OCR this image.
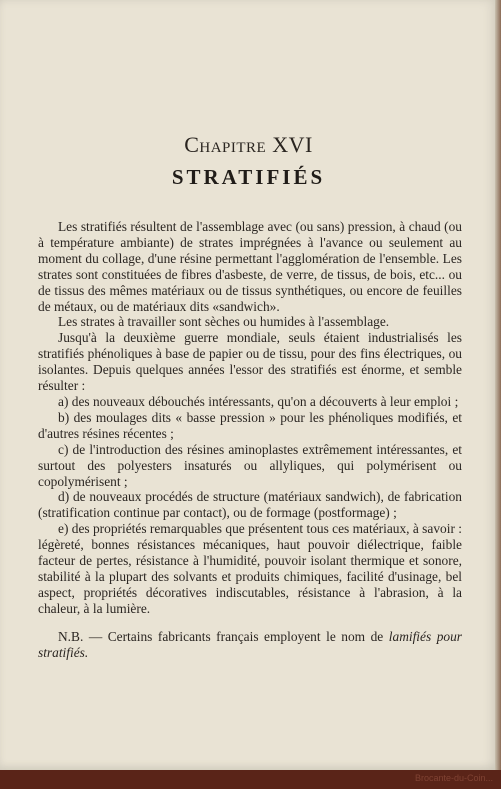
Chapitre XVI
STRATIFIÉS

Les stratifiés résultent de l'assemblage avec (ou sans) pression, à chaud (ou à température ambiante) de strates imprégnées à l'avance ou seulement au moment du collage, d'une résine permettant l'agglomération de l'ensemble. Les strates sont constituées de fibres d'asbeste, de verre, de tissus, de bois, etc... ou de tissus des mêmes matériaux ou de tissus synthétiques, ou encore de feuilles de métaux, ou de matériaux dits «sandwich».

Les strates à travailler sont sèches ou humides à l'assemblage.

Jusqu'à la deuxième guerre mondiale, seuls étaient industrialisés les stratifiés phénoliques à base de papier ou de tissu, pour des fins électriques, ou isolantes. Depuis quelques années l'essor des stratifiés est énorme, et semble résulter :

a) des nouveaux débouchés intéressants, qu'on a découverts à leur emploi ;

b) des moulages dits « basse pression » pour les phénoliques modifiés, et d'autres résines récentes ;

c) de l'introduction des résines aminoplastes extrêmement intéressantes, et surtout des polyesters insaturés ou allyliques, qui polymérisent ou copolymérisent ;

d) de nouveaux procédés de structure (matériaux sandwich), de fabrication (stratification continue par contact), ou de formage (postformage) ;

e) des propriétés remarquables que présentent tous ces matériaux, à savoir : légèreté, bonnes résistances mécaniques, haut pouvoir diélectrique, faible facteur de pertes, résistance à l'humidité, pouvoir isolant thermique et sonore, stabilité à la plupart des solvants et produits chimiques, facilité d'usinage, bel aspect, propriétés décoratives indiscutables, résistance à l'abrasion, à la chaleur, à la lumière.

N.B. — Certains fabricants français employent le nom de lamifiés pour stratifiés.

Brocante-du-Coin...
